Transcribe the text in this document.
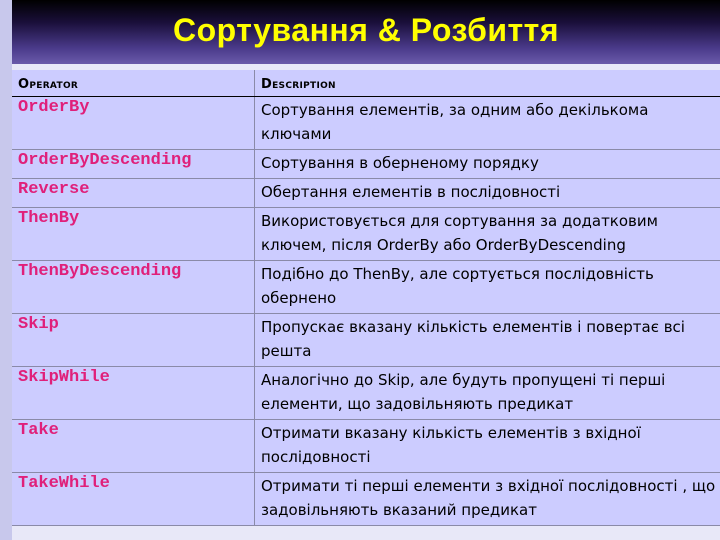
Сортування & Розбиття
OPERATOR	DESCRIPTION
OrderBy	Сортування елементів, за одним або декількома ключами
OrderByDescending	Сортування в оберненому порядку
Reverse	Обертання елементів в послідовності
ThenBy	Використовується для сортування за додатковим ключем, після OrderBy або OrderByDescending
ThenByDescending	Подібно до ThenBy, але сортується послідовність обернено
Skip	Пропускає вказану кількість елементів і повертає всі решта
SkipWhile	Аналогічно до Skip, але будуть пропущені ті перші елементи, що задовільняють предикат
Take	Отримати вказану кількість елементів з вхідної послідовності
TakeWhile	Отримати ті перші елементи з вхідної послідовності , що задовільняють вказаний предикат
